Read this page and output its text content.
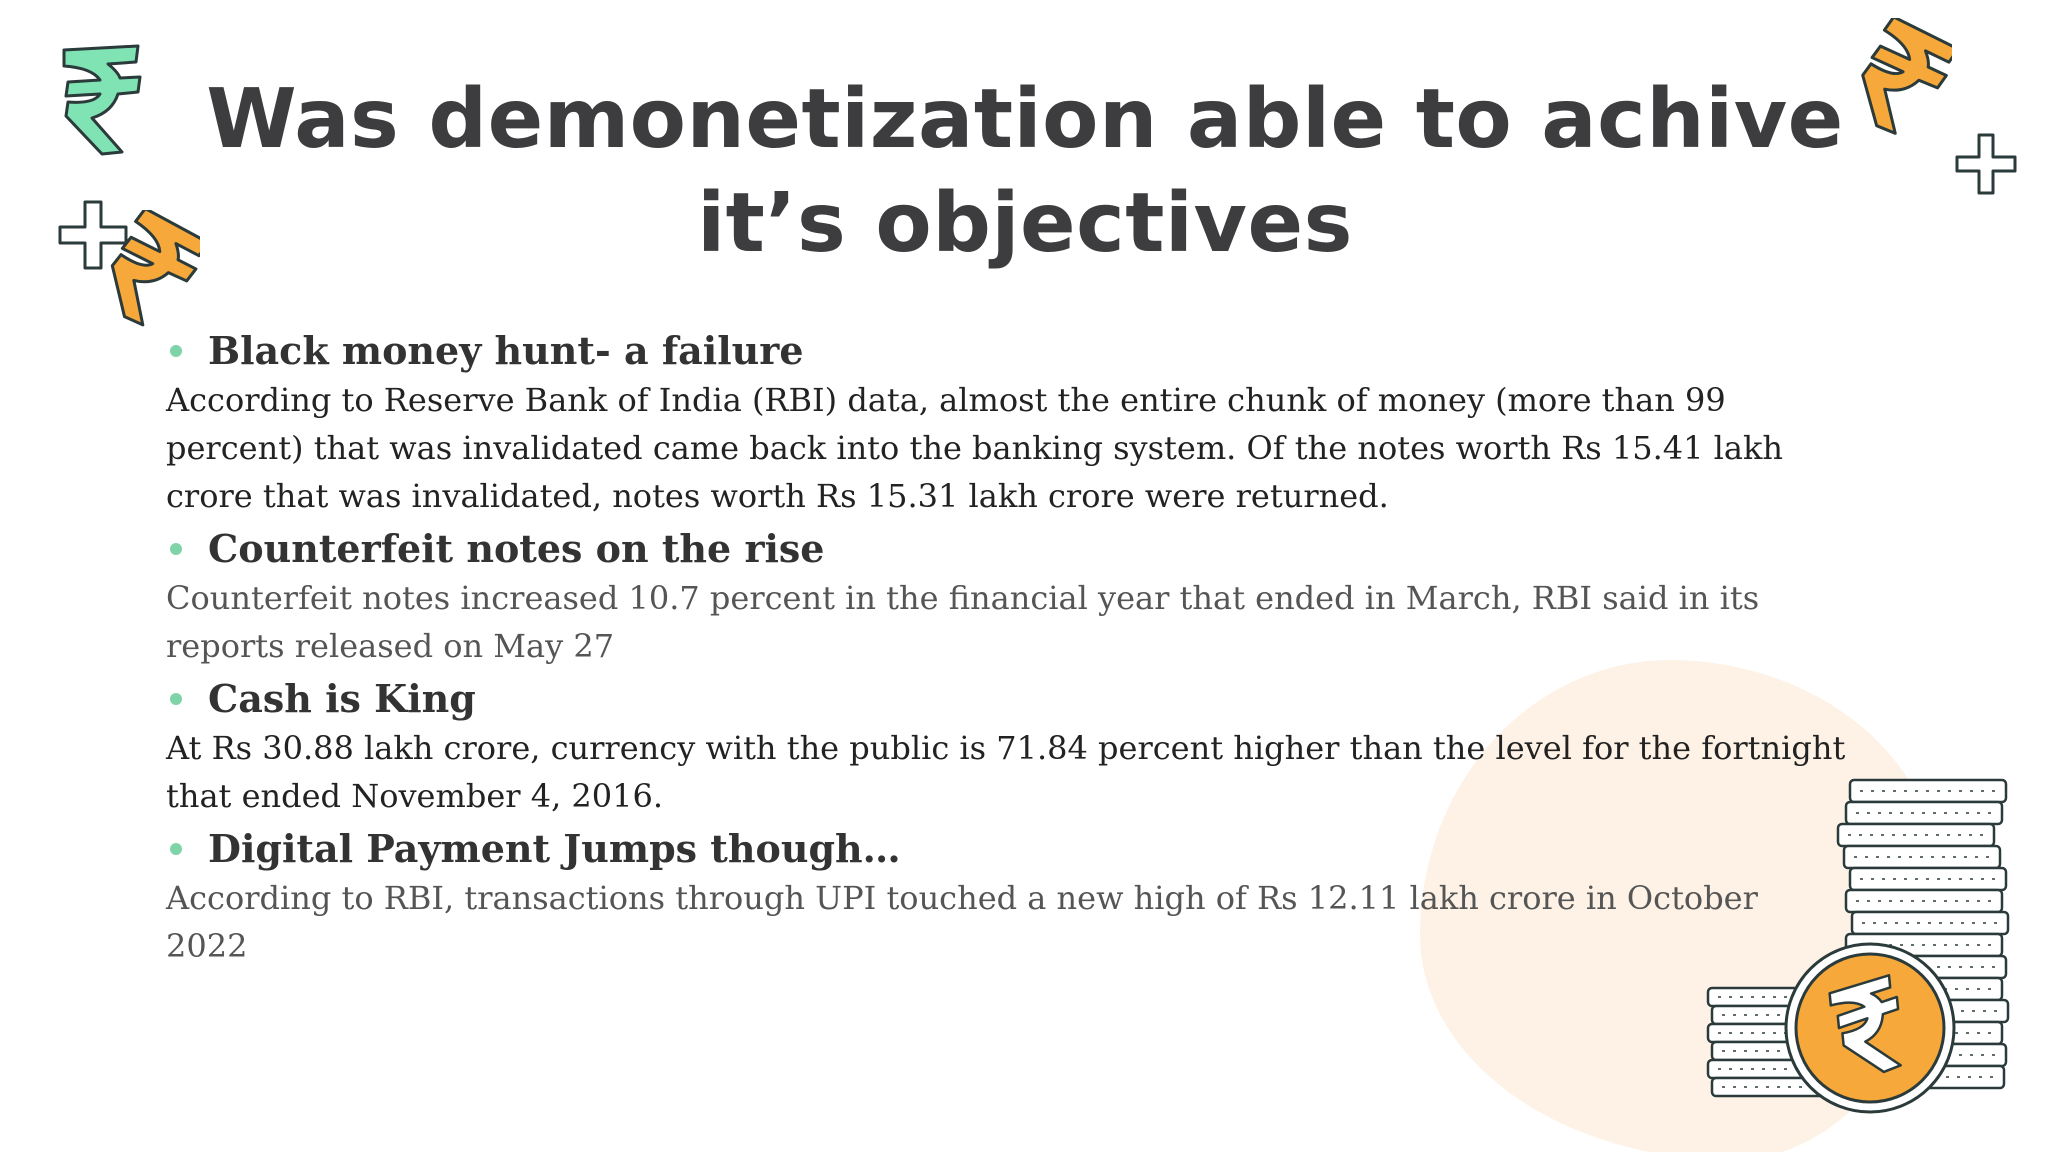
Was demonetization able to achive it’s objectives
Black money hunt- a failure
According to Reserve Bank of India (RBI) data, almost the entire chunk of money (more than 99 percent) that was invalidated came back into the banking system. Of the notes worth Rs 15.41 lakh crore that was invalidated, notes worth Rs 15.31 lakh crore were returned.
Counterfeit notes on the rise
Counterfeit notes increased 10.7 percent in the financial year that ended in March, RBI said in its reports released on May 27
Cash is King
At Rs 30.88 lakh crore, currency with the public is 71.84 percent higher than the level for the fortnight that ended November 4, 2016.
Digital Payment Jumps though…
According to RBI, transactions through UPI touched a new high of Rs 12.11 lakh crore in October 2022
